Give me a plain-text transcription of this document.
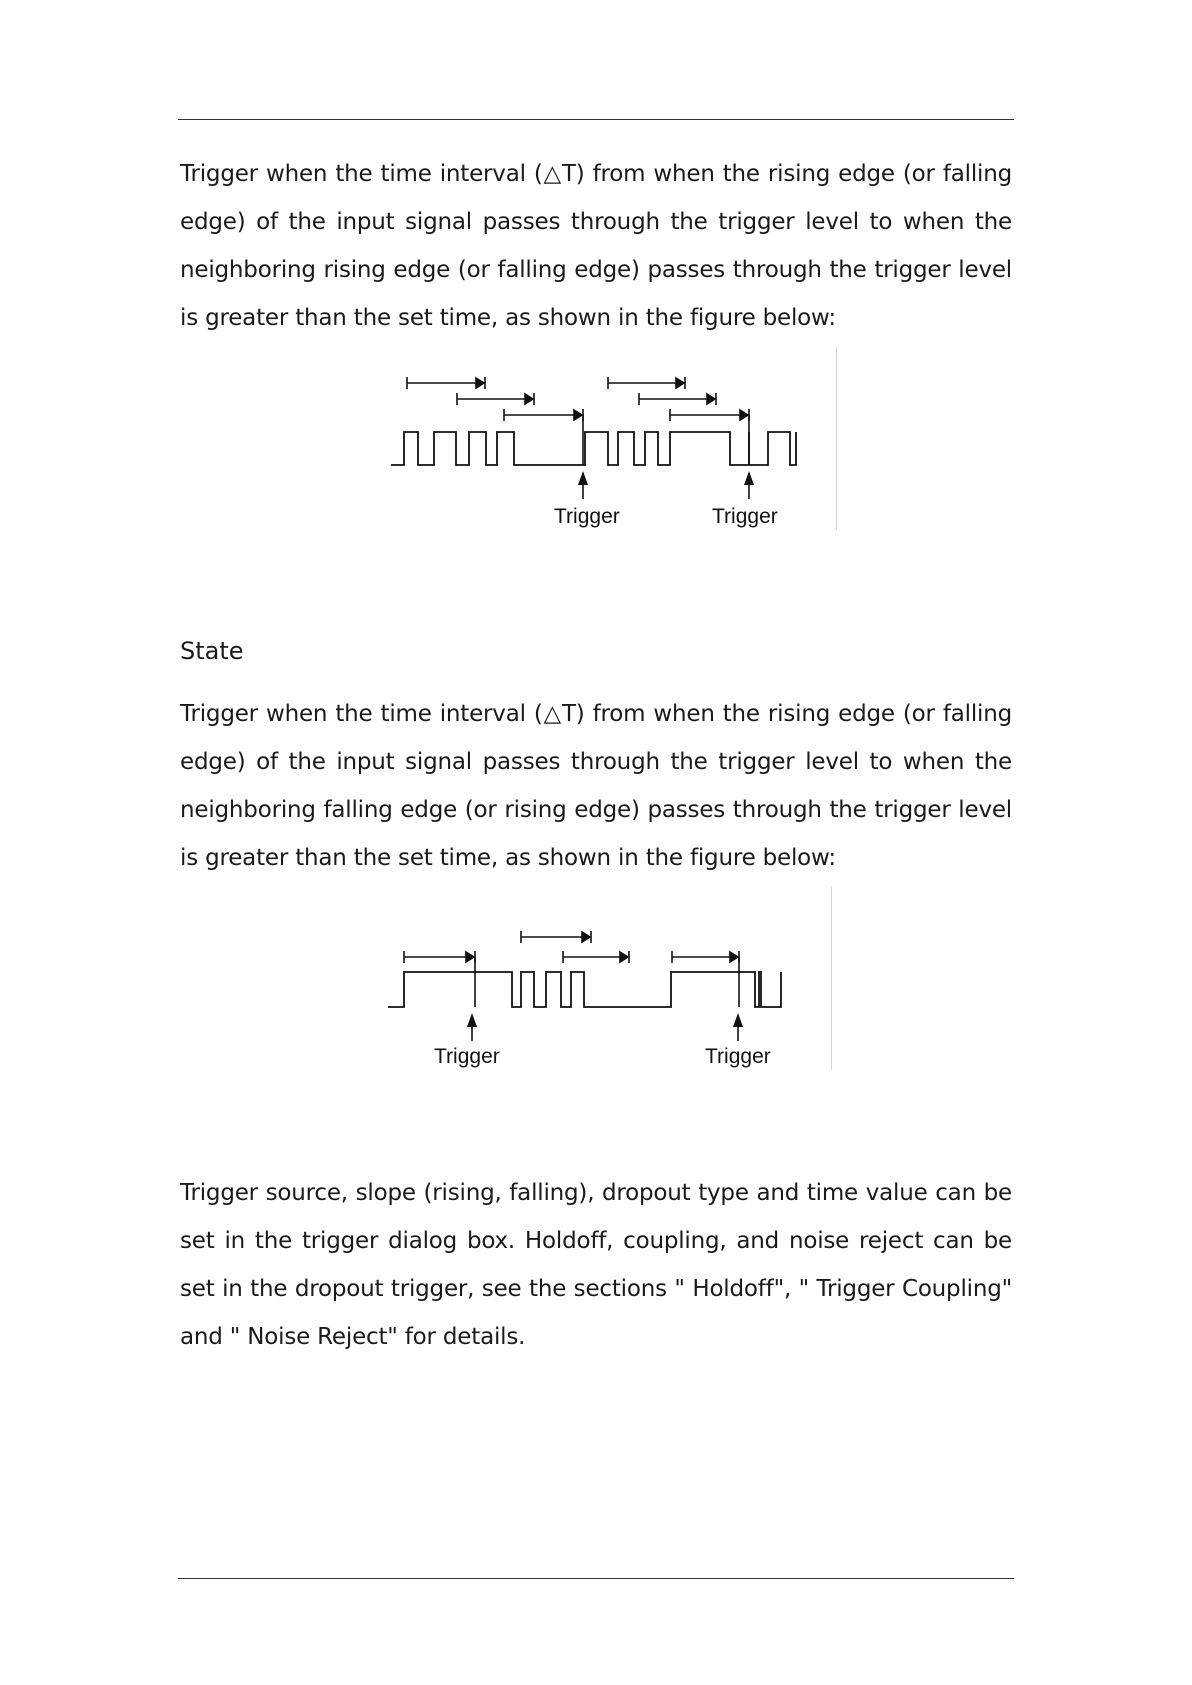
Trigger when the time interval (△T) from when the rising edge (or falling edge) of the input signal passes through the trigger level to when the neighboring rising edge (or falling edge) passes through the trigger level is greater than the set time, as shown in the figure below:

Trigger	Trigger
State

Trigger when the time interval (△T) from when the rising edge (or falling edge) of the input signal passes through the trigger level to when the neighboring falling edge (or rising edge) passes through the trigger level is greater than the set time, as shown in the figure below:

Trigger	Trigger

Trigger source, slope (rising, falling), dropout type and time value can be set in the trigger dialog box. Holdoff, coupling, and noise reject can be set in the dropout trigger, see the sections " Holdoff", " Trigger Coupling" and " Noise Reject" for details.
